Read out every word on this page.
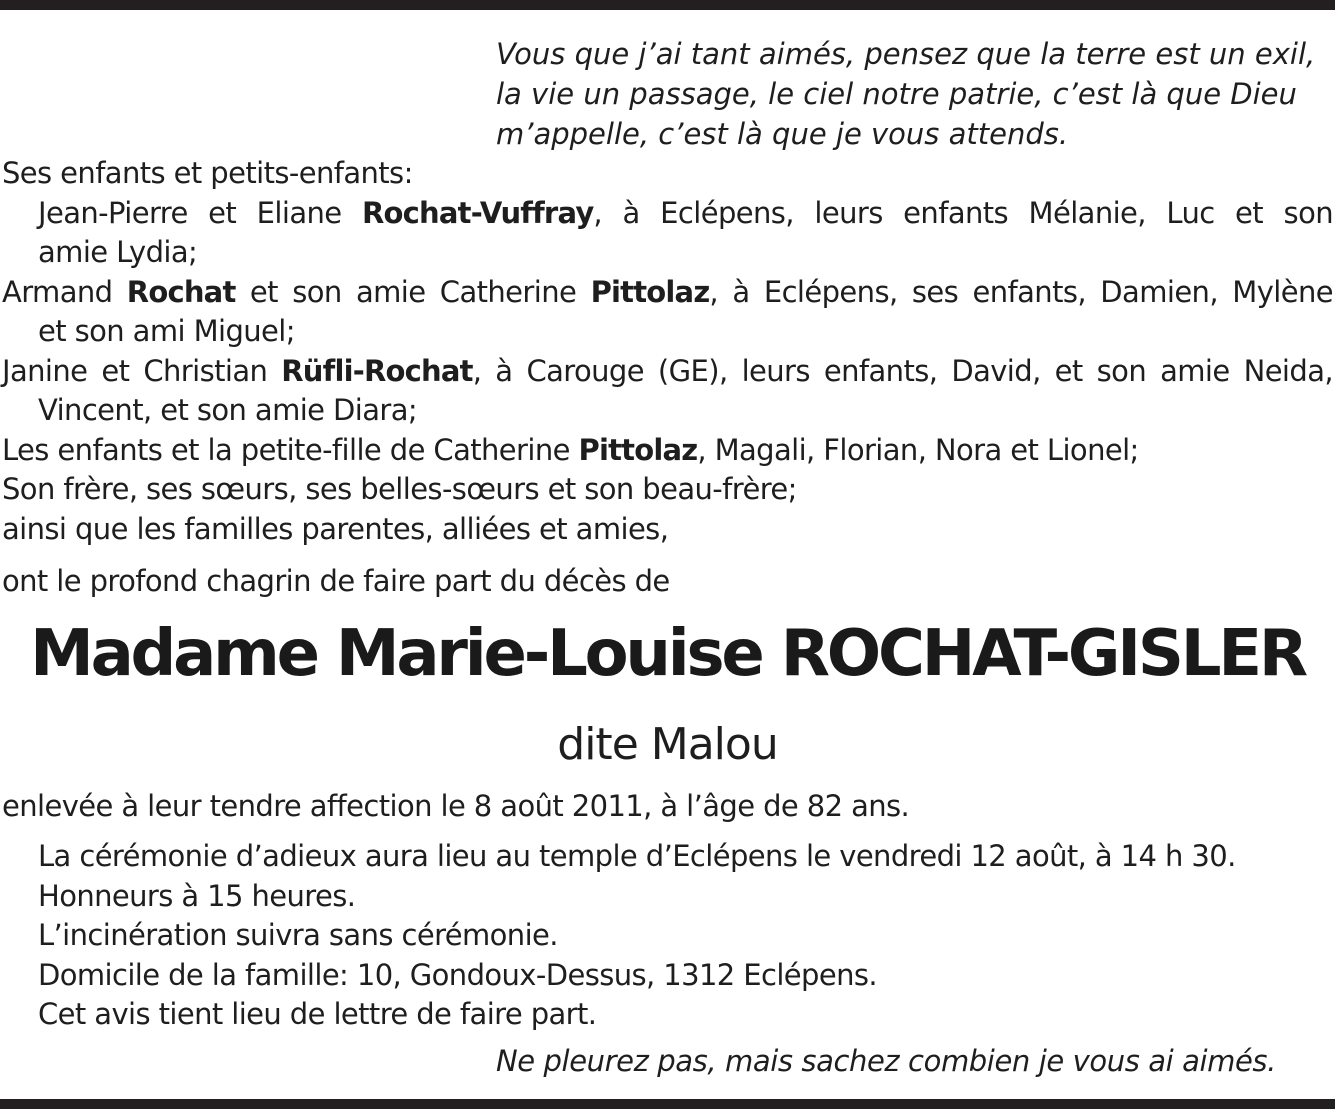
Vous que j’ai tant aimés, pensez que la terre est un exil,
la vie un passage, le ciel notre patrie, c’est là que Dieu
m’appelle, c’est là que je vous attends.
Ses enfants et petits-enfants:
Jean-Pierre et Eliane Rochat-Vuffray, à Eclépens, leurs enfants Mélanie, Luc et son
amie Lydia;
Armand Rochat et son amie Catherine Pittolaz, à Eclépens, ses enfants, Damien, Mylène
et son ami Miguel;
Janine et Christian Rüfli-Rochat, à Carouge (GE), leurs enfants, David, et son amie Neida,
Vincent, et son amie Diara;
Les enfants et la petite-fille de Catherine Pittolaz, Magali, Florian, Nora et Lionel;
Son frère, ses sœurs, ses belles-sœurs et son beau-frère;
ainsi que les familles parentes, alliées et amies,
ont le profond chagrin de faire part du décès de
Madame Marie-Louise ROCHAT-GISLER
dite Malou
enlevée à leur tendre affection le 8 août 2011, à l’âge de 82 ans.
La cérémonie d’adieux aura lieu au temple d’Eclépens le vendredi 12 août, à 14 h 30.
Honneurs à 15 heures.
L’incinération suivra sans cérémonie.
Domicile de la famille: 10, Gondoux-Dessus, 1312 Eclépens.
Cet avis tient lieu de lettre de faire part.
Ne pleurez pas, mais sachez combien je vous ai aimés.
